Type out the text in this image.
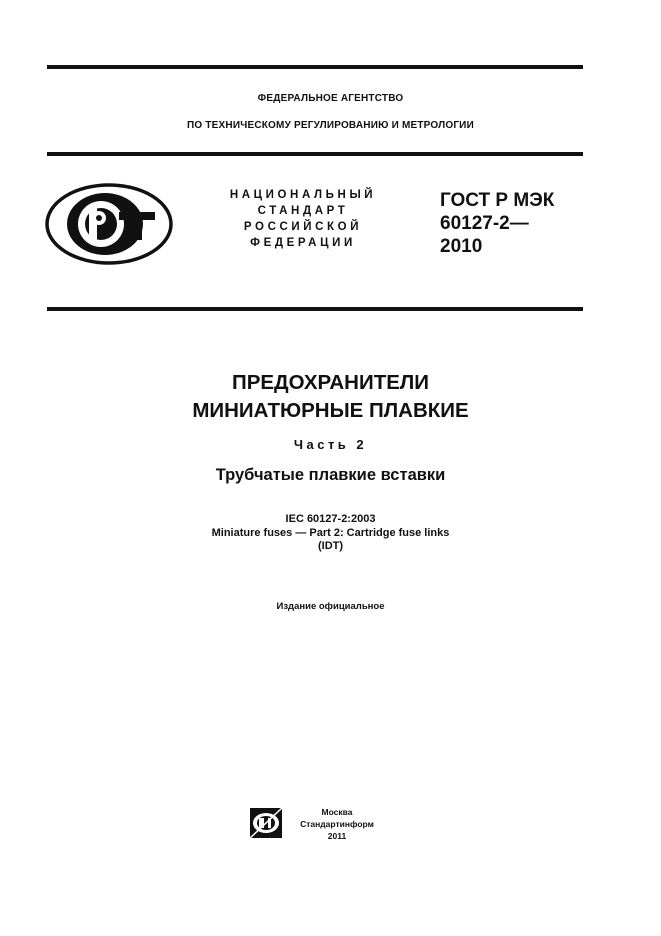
ФЕДЕРАЛЬНОЕ АГЕНТСТВО
ПО ТЕХНИЧЕСКОМУ РЕГУЛИРОВАНИЮ И МЕТРОЛОГИИ
НАЦИОНАЛЬНЫЙ
СТАНДАРТ
РОССИЙСКОЙ
ФЕДЕРАЦИИ
ГОСТ Р МЭК
60127-2—
2010
ПРЕДОХРАНИТЕЛИ
МИНИАТЮРНЫЕ ПЛАВКИЕ
Часть 2
Трубчатые плавкие вставки
IEC 60127-2:2003
Miniature fuses — Part 2: Cartridge fuse links
(IDT)
Издание официальное
Москва
Стандартинформ
2011
